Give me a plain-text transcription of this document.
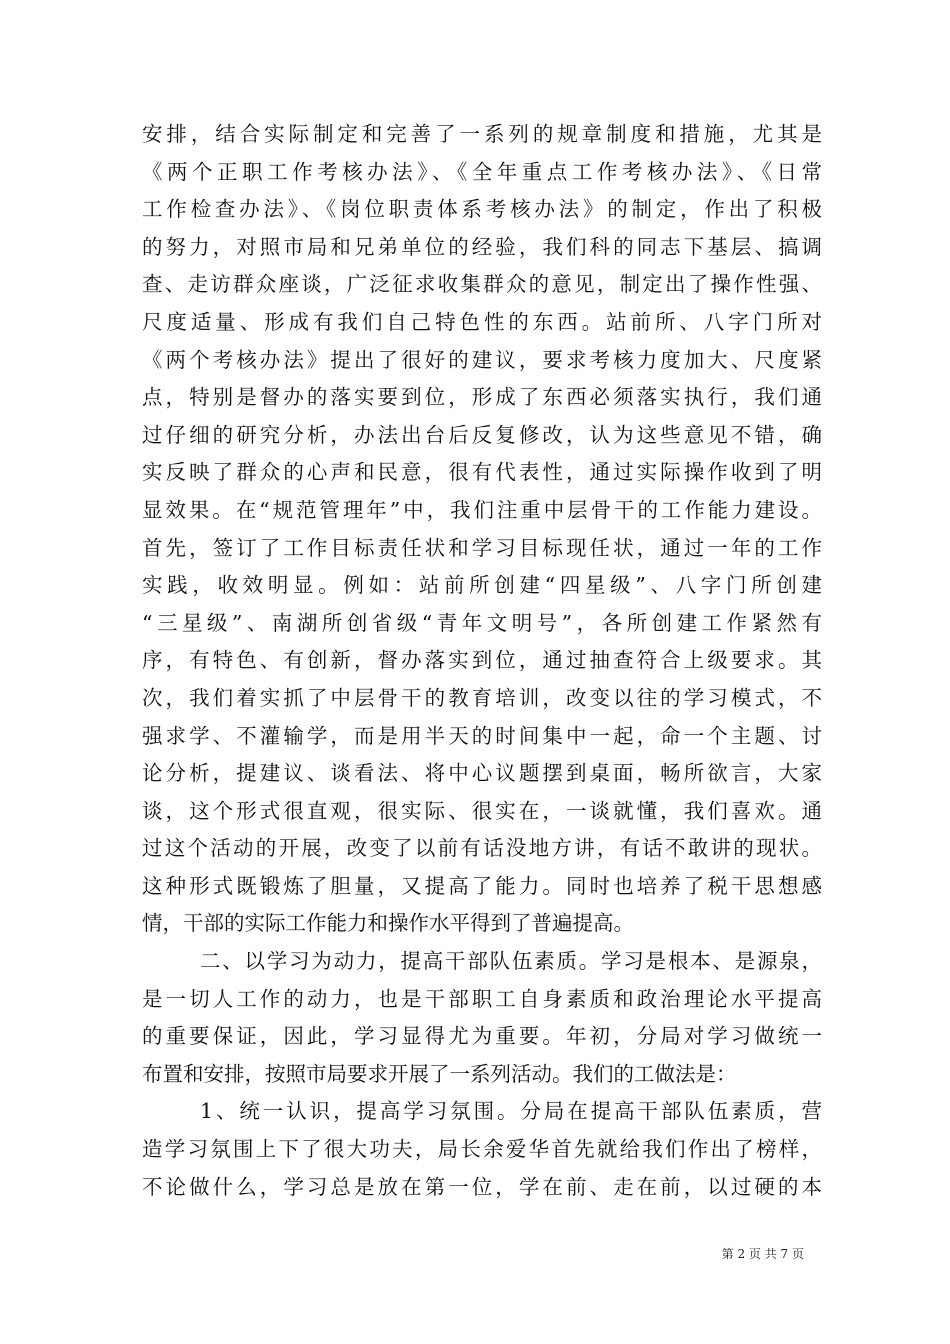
安排，结合实际制定和完善了一系列的规章制度和措施，尤其是
《两个正职工作考核办法》、《全年重点工作考核办法》、《日常
工作检查办法》、《岗位职责体系考核办法》的制定，作出了积极
的努力，对照市局和兄弟单位的经验，我们科的同志下基层、搞调
查、走访群众座谈，广泛征求收集群众的意见，制定出了操作性强、
尺度适量、形成有我们自己特色性的东西。站前所、八字门所对
《两个考核办法》提出了很好的建议，要求考核力度加大、尺度紧
点，特别是督办的落实要到位，形成了东西必须落实执行，我们通
过仔细的研究分析，办法出台后反复修改，认为这些意见不错，确
实反映了群众的心声和民意，很有代表性，通过实际操作收到了明
显效果。在“规范管理年”中，我们注重中层骨干的工作能力建设。
首先，签订了工作目标责任状和学习目标现任状，通过一年的工作
实践，收效明显。例如：站前所创建“四星级”、八字门所创建
“三星级”、南湖所创省级“青年文明号”，各所创建工作紧然有
序，有特色、有创新，督办落实到位，通过抽查符合上级要求。其
次，我们着实抓了中层骨干的教育培训，改变以往的学习模式，不
强求学、不灌输学，而是用半天的时间集中一起，命一个主题、讨
论分析，提建议、谈看法、将中心议题摆到桌面，畅所欲言，大家
谈，这个形式很直观，很实际、很实在，一谈就懂，我们喜欢。通
过这个活动的开展，改变了以前有话没地方讲，有话不敢讲的现状。
这种形式既锻炼了胆量，又提高了能力。同时也培养了税干思想感
情，干部的实际工作能力和操作水平得到了普遍提高。
二、以学习为动力，提高干部队伍素质。学习是根本、是源泉，
是一切人工作的动力，也是干部职工自身素质和政治理论水平提高
的重要保证，因此，学习显得尤为重要。年初，分局对学习做统一
布置和安排，按照市局要求开展了一系列活动。我们的工做法是：
1、统一认识，提高学习氛围。分局在提高干部队伍素质，营
造学习氛围上下了很大功夫，局长余爱华首先就给我们作出了榜样，
不论做什么，学习总是放在第一位，学在前、走在前，以过硬的本
第 2 页 共 7 页
